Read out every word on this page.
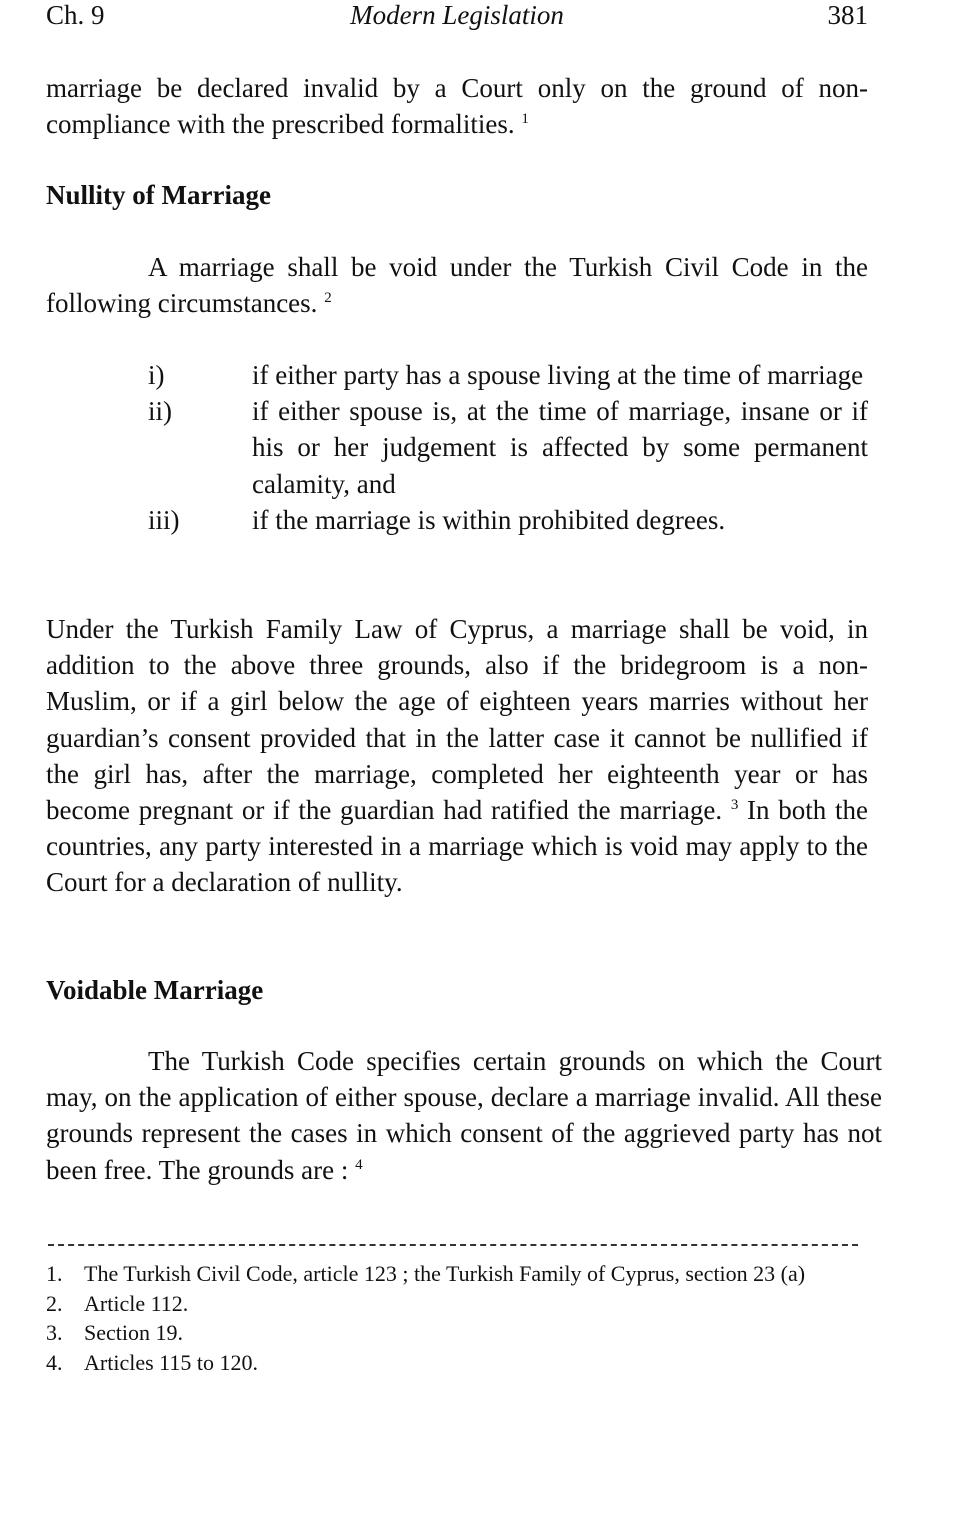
Ch. 9	Modern Legislation	381

marriage be declared invalid by a Court only on the ground of non-compliance with the prescribed formalities. $^1$

Nullity of Marriage

A marriage shall be void under the Turkish Civil Code in the following circumstances. $^2$

i)	if either party has a spouse living at the time of marriage
ii)	if either spouse is, at the time of marriage, insane or if his or her judgement is affected by some permanent calamity, and
iii)	if the marriage is within prohibited degrees.

Under the Turkish Family Law of Cyprus, a marriage shall be void, in addition to the above three grounds, also if the bridegroom is a non-Muslim, or if a girl below the age of eighteen years marries without her guardian’s consent provided that in the latter case it cannot be nullified if the girl has, after the marriage, completed her eighteenth year or has become pregnant or if the guardian had ratified the marriage. $^3$ In both the countries, any party interested in a marriage which is void may apply to the Court for a declaration of nullity.

Voidable Marriage

The Turkish Code specifies certain grounds on which the Court may, on the application of either spouse, declare a marriage invalid. All these grounds represent the cases in which consent of the aggrieved party has not been free. The grounds are : $^4$

1. The Turkish Civil Code, article 123 ; the Turkish Family of Cyprus, section 23 (a)
2. Article 112.
3. Section 19.
4. Articles 115 to 120.
